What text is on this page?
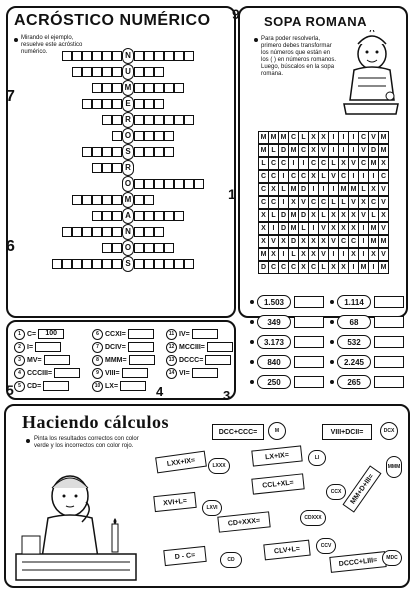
ACRÓSTICO NUMÉRICO
Mirando el ejemplo, resuelve este acróstico numérico.	N
U
M
E
R
O
S
R
O
M
A
N
O
S
7
6
1
9 SOPA ROMANA
Para poder resolverla, primero debes transformar los números que están en los ( ) en números romanos. Luego, búscalos en la sopa romana.
M M M C L X X I I I C V M
M L D M C X V I I I V D M
L C C I I C C L X V C M X
C C I C C X L V C I I I C
C X L M D I I I M M L X V
C C I X V C C L L V X C V
X L D M D X L X X X V L X
X I D M L I V X X X I M V
X V X D X X X V C C I M M
M X I L X X V I I X I X V
D C C C X C L X X I M I M
1.503	1.114
349	68
3.173	532
840	2.245
250	265
1 C=	100
2 I=
3 MV=
4 CCCIII=
5 CD=
6 CCXI=
7 DCIV=
8 MMM=
9 VIII=
10 LX=
11 IV=
12 MCCIII=
13 DCCC=
14 VI=
5	4	3
Haciendo cálculos
Pinta los resultados correctos con color verde y los incorrectos con color rojo.
DCC+CCC=	M	VIII+DCII=	DCX
LXX+IX=	LXXX
LX+IX=	LI
CCL+XL=
CCX
XVI+L=
LXVI
CD+XXX=	CDXXX
D - C=	CD
CLV+L=	CCV
DCCC+LIII=	MDC
MM+D+III=
MMM
